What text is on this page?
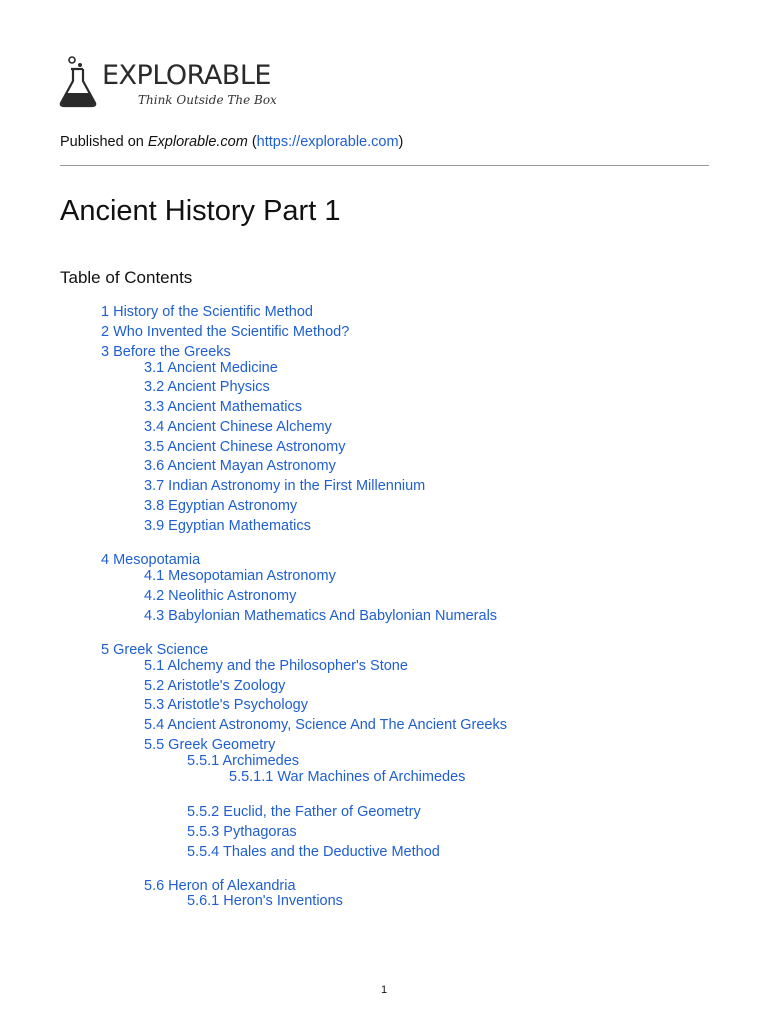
EXPLORABLE
Think Outside The Box
Published on Explorable.com (https://explorable.com)
Ancient History Part 1
Table of Contents
1 History of the Scientific Method
2 Who Invented the Scientific Method?
3 Before the Greeks
3.1 Ancient Medicine
3.2 Ancient Physics
3.3 Ancient Mathematics
3.4 Ancient Chinese Alchemy
3.5 Ancient Chinese Astronomy
3.6 Ancient Mayan Astronomy
3.7 Indian Astronomy in the First Millennium
3.8 Egyptian Astronomy
3.9 Egyptian Mathematics
4 Mesopotamia
4.1 Mesopotamian Astronomy
4.2 Neolithic Astronomy
4.3 Babylonian Mathematics And Babylonian Numerals
5 Greek Science
5.1 Alchemy and the Philosopher's Stone
5.2 Aristotle's Zoology
5.3 Aristotle's Psychology
5.4 Ancient Astronomy, Science And The Ancient Greeks
5.5 Greek Geometry
5.5.1 Archimedes
5.5.1.1 War Machines of Archimedes
5.5.2 Euclid, the Father of Geometry
5.5.3 Pythagoras
5.5.4 Thales and the Deductive Method
5.6 Heron of Alexandria
5.6.1 Heron's Inventions
1
